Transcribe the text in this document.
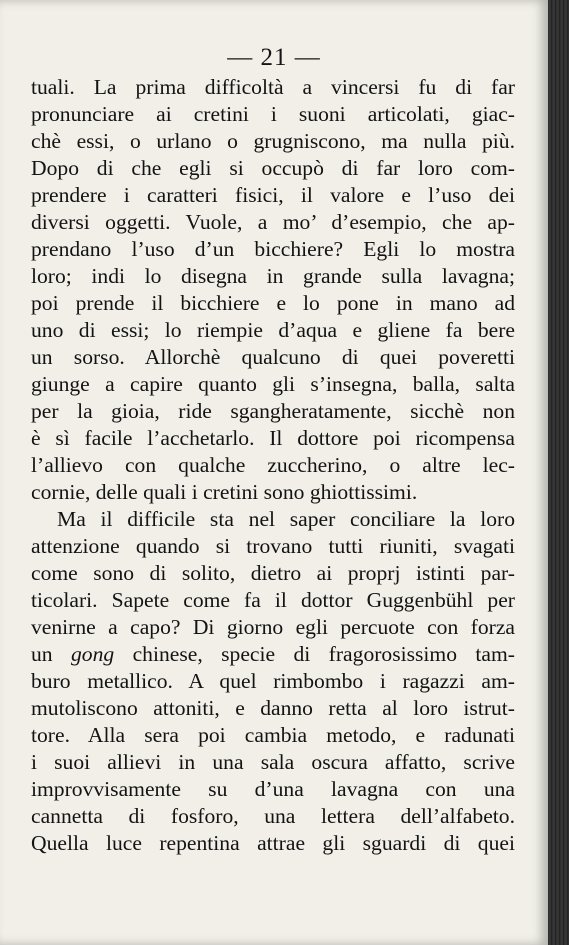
— 21 —
tuali. La prima difficoltà a vincersi fu di far
pronunciare ai cretini i suoni articolati, giac-
chè essi, o urlano o grugniscono, ma nulla più.
Dopo di che egli si occupò di far loro com-
prendere i caratteri fisici, il valore e l’uso dei
diversi oggetti. Vuole, a mo’ d’esempio, che ap-
prendano l’uso d’un bicchiere? Egli lo mostra
loro; indi lo disegna in grande sulla lavagna;
poi prende il bicchiere e lo pone in mano ad
uno di essi; lo riempie d’aqua e gliene fa bere
un sorso. Allorchè qualcuno di quei poveretti
giunge a capire quanto gli s’insegna, balla, salta
per la gioia, ride sgangheratamente, sicchè non
è sì facile l’acchetarlo. Il dottore poi ricompensa
l’allievo con qualche zuccherino, o altre lec-
cornie, delle quali i cretini sono ghiottissimi.
Ma il difficile sta nel saper conciliare la loro
attenzione quando si trovano tutti riuniti, svagati
come sono di solito, dietro ai proprj istinti par-
ticolari. Sapete come fa il dottor Guggenbühl per
venirne a capo? Di giorno egli percuote con forza
un gong chinese, specie di fragorosissimo tam-
buro metallico. A quel rimbombo i ragazzi am-
mutoliscono attoniti, e danno retta al loro istrut-
tore. Alla sera poi cambia metodo, e radunati
i suoi allievi in una sala oscura affatto, scrive
improvvisamente su d’una lavagna con una
cannetta di fosforo, una lettera dell’alfabeto.
Quella luce repentina attrae gli sguardi di quei
